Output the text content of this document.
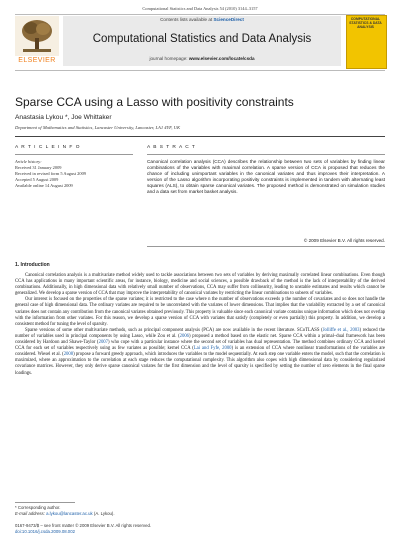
Computational Statistics and Data Analysis 54 (2010) 3144–3157
ELSEVIER
Contents lists available at ScienceDirect
Computational Statistics and Data Analysis
journal homepage: www.elsevier.com/locate/csda
COMPUTATIONAL STATISTICS & DATA ANALYSIS
Sparse CCA using a Lasso with positivity constraints
Anastasia Lykou *, Joe Whittaker
Department of Mathematics and Statistics, Lancaster University, Lancaster, LA1 4YF, UK
A R T I C L E I N F O	A B S T R A C T
Article history:
Received 31 January 2009
Received in revised form 5 August 2009
Accepted 5 August 2009
Available online 14 August 2009
Canonical correlation analysis (CCA) describes the relationship between two sets of variables by finding linear combinations of the variables with maximal correlation. A sparse version of CCA is proposed that reduces the chance of including unimportant variables in the canonical variates and thus improves their interpretation. A version of the Lasso algorithm incorporating positivity constraints is implemented in tandem with alternating least squares (ALS), to obtain sparse canonical variates. The proposed method is demonstrated on simulation studies and a data set from market basket analysis.
© 2009 Elsevier B.V. All rights reserved.
1. Introduction

Canonical correlation analysis is a multivariate method widely used to tackle associations between two sets of variables by deriving maximally correlated linear combinations. Even though CCA has applications in many important scientific areas, for instance, biology, medicine and social sciences, a possible drawback of the method is the lack of interpretability of the derived combinations. Additionally, in high dimensional data with relatively small number of observations, CCA may suffer from collinearity, leading to unstable estimates and results which cannot be generalized. We develop a sparse version of CCA that may improve the interpretability of canonical variates by restricting the linear combinations to subsets of variables.

Our interest is focused on the properties of the sparse variates; it is restricted to the case where n the number of observations exceeds p the number of covariates and so does not handle the general case of high dimensional data. The ordinary variates are required to be uncorrelated with the variates of lower dimensions. That implies that the variability extracted by a set of canonical variates does not contain any contribution from the canonical variates obtained previously. This property is valuable since each canonical variate contains unique information which does not overlap with the information from other variates. For this reason, we develop a sparse version of CCA with variates that satisfy (completely or even partially) this property. In addition, we develop a consistent method for tuning the level of sparsity.

Sparse versions of some other multivariate methods, such as principal component analysis (PCA) are now available in the recent literature. SCoTLASS (Jolliffe et al., 2003) reduced the number of variables used in principal components by using Lasso, while Zou et al. (2006) proposed a method based on the elastic net. Sparse CCA within a primal–dual framework has been considered by Hardoon and Shawe-Taylor (2007) who cope with a particular instance where the second set of variables has dual representation. The method combines ordinary CCA and kernel CCA for each set of variables respectively using as few variates as possible; kernel CCA (Lai and Fyfe, 2000) is an extension of CCA where nonlinear transformations of the variables are considered. Wiesel et al. (2008) propose a forward greedy approach, which introduces the variables to the model sequentially. At each step one variable enters the model, such that the correlation is maximized, where an approximation to the correlation at each stage reduces the computational complexity. This algorithm also copes with high dimensional data by considering regularized covariance matrices. However, they only derive sparse canonical variates for the first dimension and the level of sparsity is specified by setting the number of zero elements in the final sparse loadings.

* Corresponding author.
E-mail address: a.lykou@lancaster.ac.uk (A. Lykou).
0167-9473/$ – see front matter © 2009 Elsevier B.V. All rights reserved.
doi:10.1016/j.csda.2009.08.002
